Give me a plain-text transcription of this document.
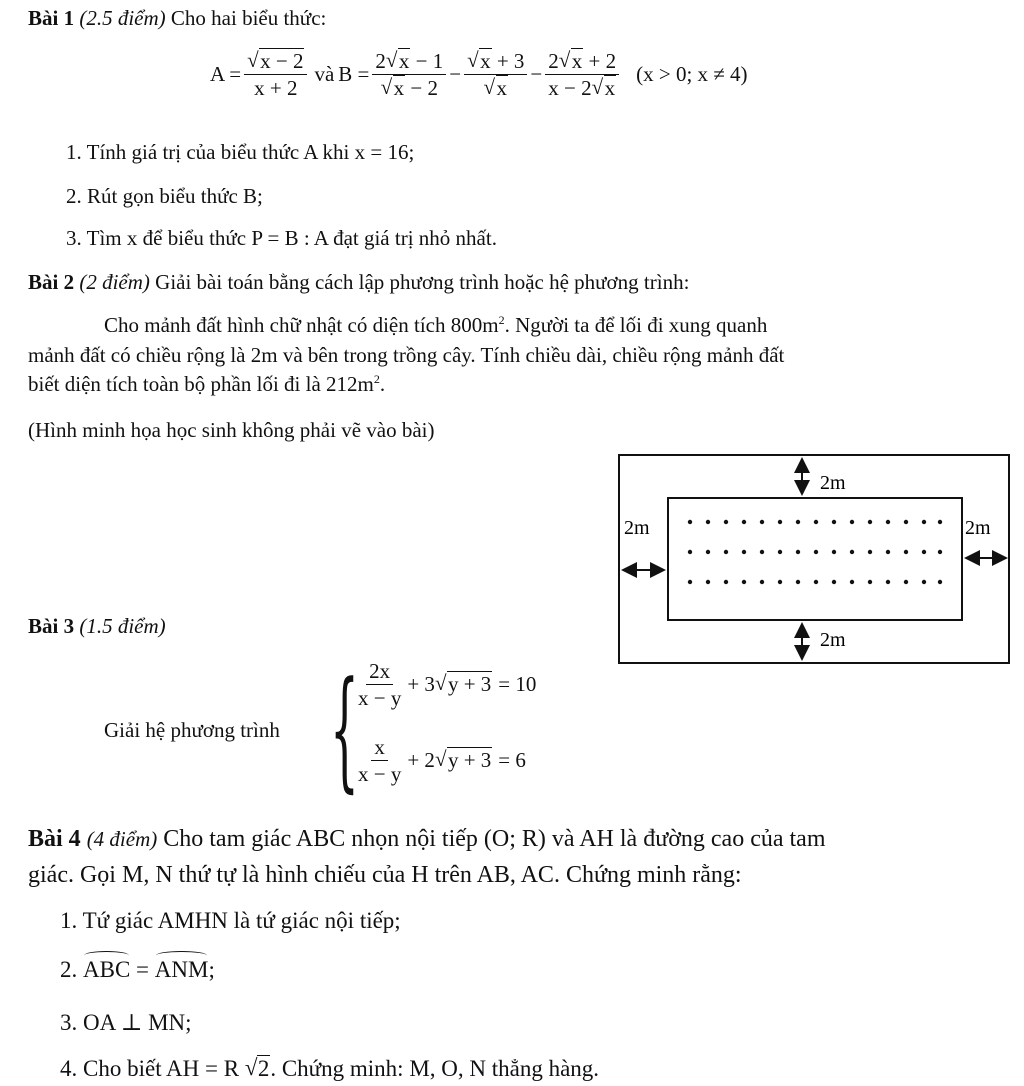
Bài 1 (2.5 điểm) Cho hai biểu thức:
A = √ $\frac{x - 2}{x + 2}$ và B = 2 √ x − 1
√ x − 2 − √ x + 3
√ $x - \frac{2 √ x + 2}{x - 2 √ x} (x > 0$; x ≠ 4)
1. Tính giá trị của biểu thức A khi x = 16;
2. Rút gọn biểu thức B;
3. Tìm x để biểu thức P = B : A đạt giá trị nhỏ nhất.
Bài 2 (2 điểm) Giải bài toán bằng cách lập phương trình hoặc hệ phương trình:
Cho mảnh đất hình chữ nhật có diện tích $800m^2$. Người ta để lối đi xung quanh
mảnh đất có chiều rộng là 2m và bên trong trồng cây. Tính chiều dài, chiều rộng mảnh đất
biết diện tích toàn bộ phần lối đi là $212m^2$.
(Hình minh họa học sinh không phải vẽ vào bài)
2m
2m
2m	2m
Bài 3 (1.5 điểm)
Giải hệ phương trình {
$\frac{2x}{x - y} + 3$ √ y + 3 = 10
$\frac{x}{x - y} + 2$ √ y + 3 = 6
Bài 4 (4 điểm) Cho tam giác ABC nhọn nội tiếp (O; R) và AH là đường cao của tam
giác. Gọi M, N thứ tự là hình chiếu của H trên AB, AC. Chứng minh rằng:
1. Tứ giác AMHN là tứ giác nội tiếp;
2. ABC = ANM;
3. OA ⊥ MN;
4. Cho biết AH = R √ 2. Chứng minh: M, O, N thẳng hàng.
